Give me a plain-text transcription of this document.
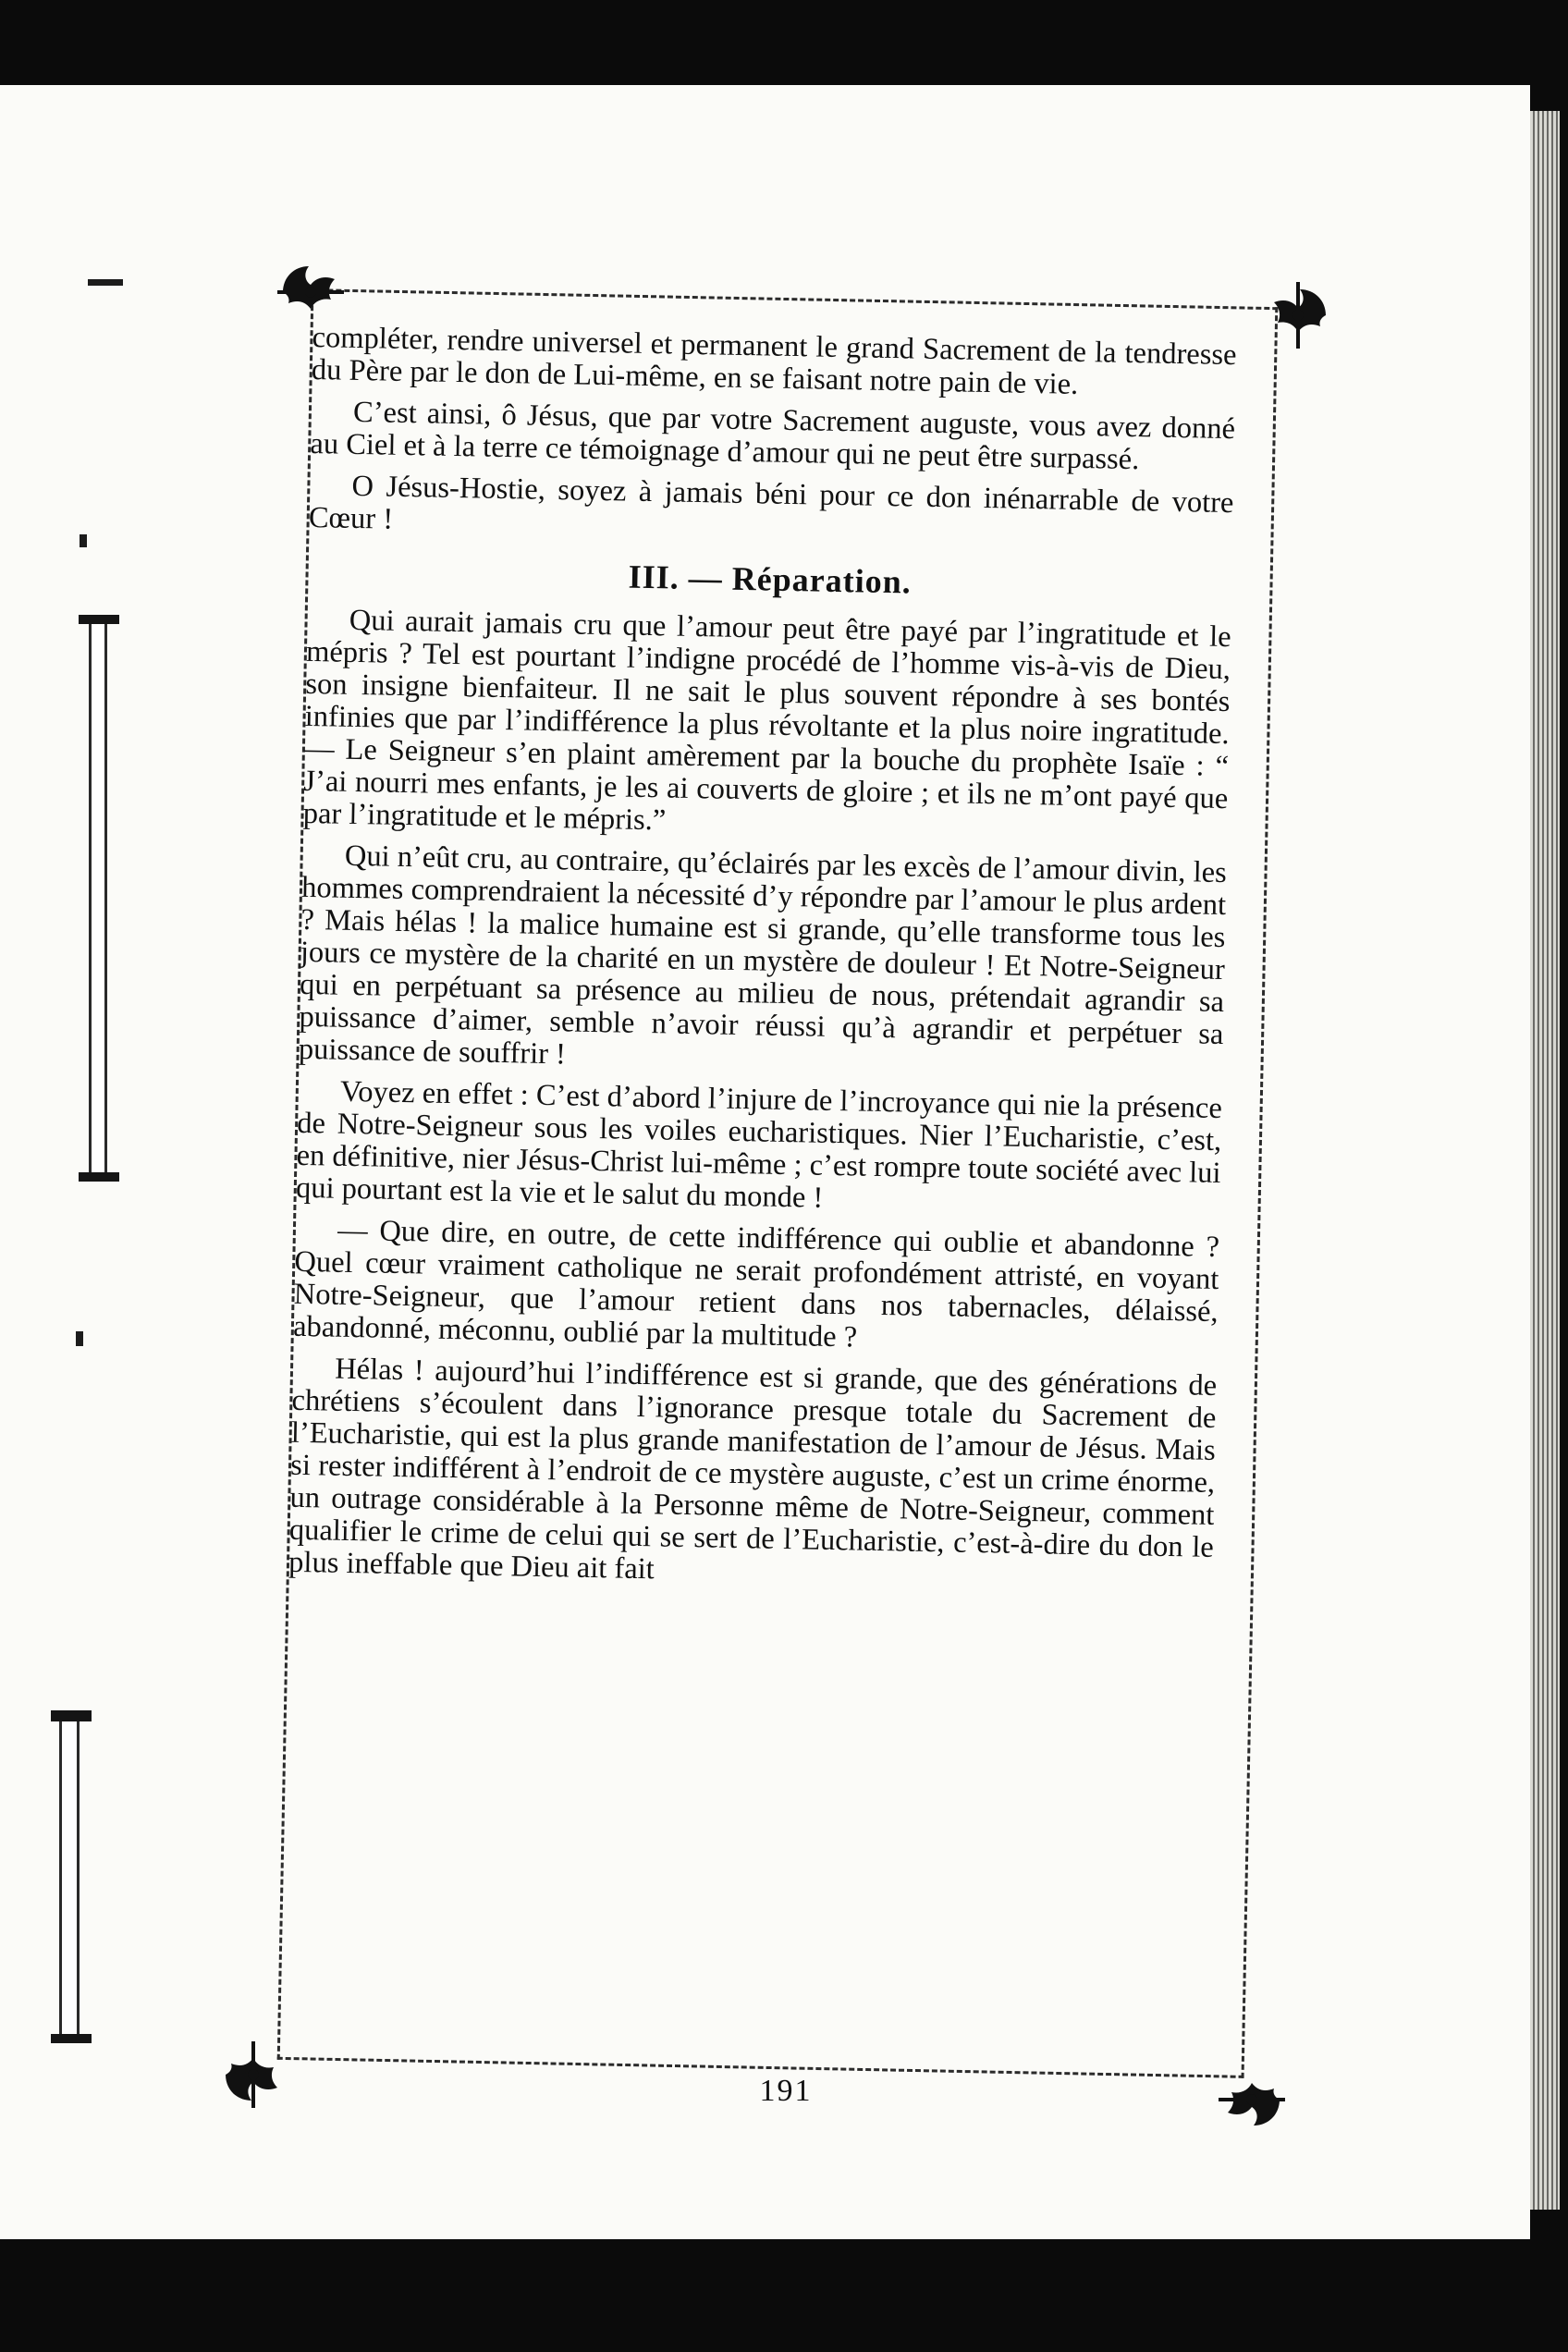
compléter, rendre universel et permanent le grand Sacrement de la tendresse du Père par le don de Lui-même, en se faisant notre pain de vie.

C’est ainsi, ô Jésus, que par votre Sacrement auguste, vous avez donné au Ciel et à la terre ce témoignage d’amour qui ne peut être surpassé.

O Jésus-Hostie, soyez à jamais béni pour ce don inénarrable de votre Cœur !

III. — Réparation.

Qui aurait jamais cru que l’amour peut être payé par l’ingratitude et le mépris ? Tel est pourtant l’indigne procédé de l’homme vis-à-vis de Dieu, son insigne bienfaiteur. Il ne sait le plus souvent répondre à ses bontés infinies que par l’indifférence la plus révoltante et la plus noire ingratitude. — Le Seigneur s’en plaint amèrement par la bouche du prophète Isaïe : “ J’ai nourri mes enfants, je les ai couverts de gloire ; et ils ne m’ont payé que par l’ingratitude et le mépris.”

Qui n’eût cru, au contraire, qu’éclairés par les excès de l’amour divin, les hommes comprendraient la nécessité d’y répondre par l’amour le plus ardent ? Mais hélas ! la malice humaine est si grande, qu’elle transforme tous les jours ce mystère de la charité en un mystère de douleur ! Et Notre-Seigneur qui en perpétuant sa présence au milieu de nous, prétendait agrandir sa puissance d’aimer, semble n’avoir réussi qu’à agrandir et perpétuer sa puissance de souffrir !

Voyez en effet : C’est d’abord l’injure de l’incroyance qui nie la présence de Notre-Seigneur sous les voiles eucharistiques. Nier l’Eucharistie, c’est, en définitive, nier Jésus-Christ lui-même ; c’est rompre toute société avec lui qui pourtant est la vie et le salut du monde !

— Que dire, en outre, de cette indifférence qui oublie et abandonne ? Quel cœur vraiment catholique ne serait profondément attristé, en voyant Notre-Seigneur, que l’amour retient dans nos tabernacles, délaissé, abandonné, méconnu, oublié par la multitude ?

Hélas ! aujourd’hui l’indifférence est si grande, que des générations de chrétiens s’écoulent dans l’ignorance presque totale du Sacrement de l’Eucharistie, qui est la plus grande manifestation de l’amour de Jésus. Mais si rester indifférent à l’endroit de ce mystère auguste, c’est un crime énorme, un outrage considérable à la Personne même de Notre-Seigneur, comment qualifier le crime de celui qui se sert de l’Eucharistie, c’est-à-dire du don le plus ineffable que Dieu ait fait

191
